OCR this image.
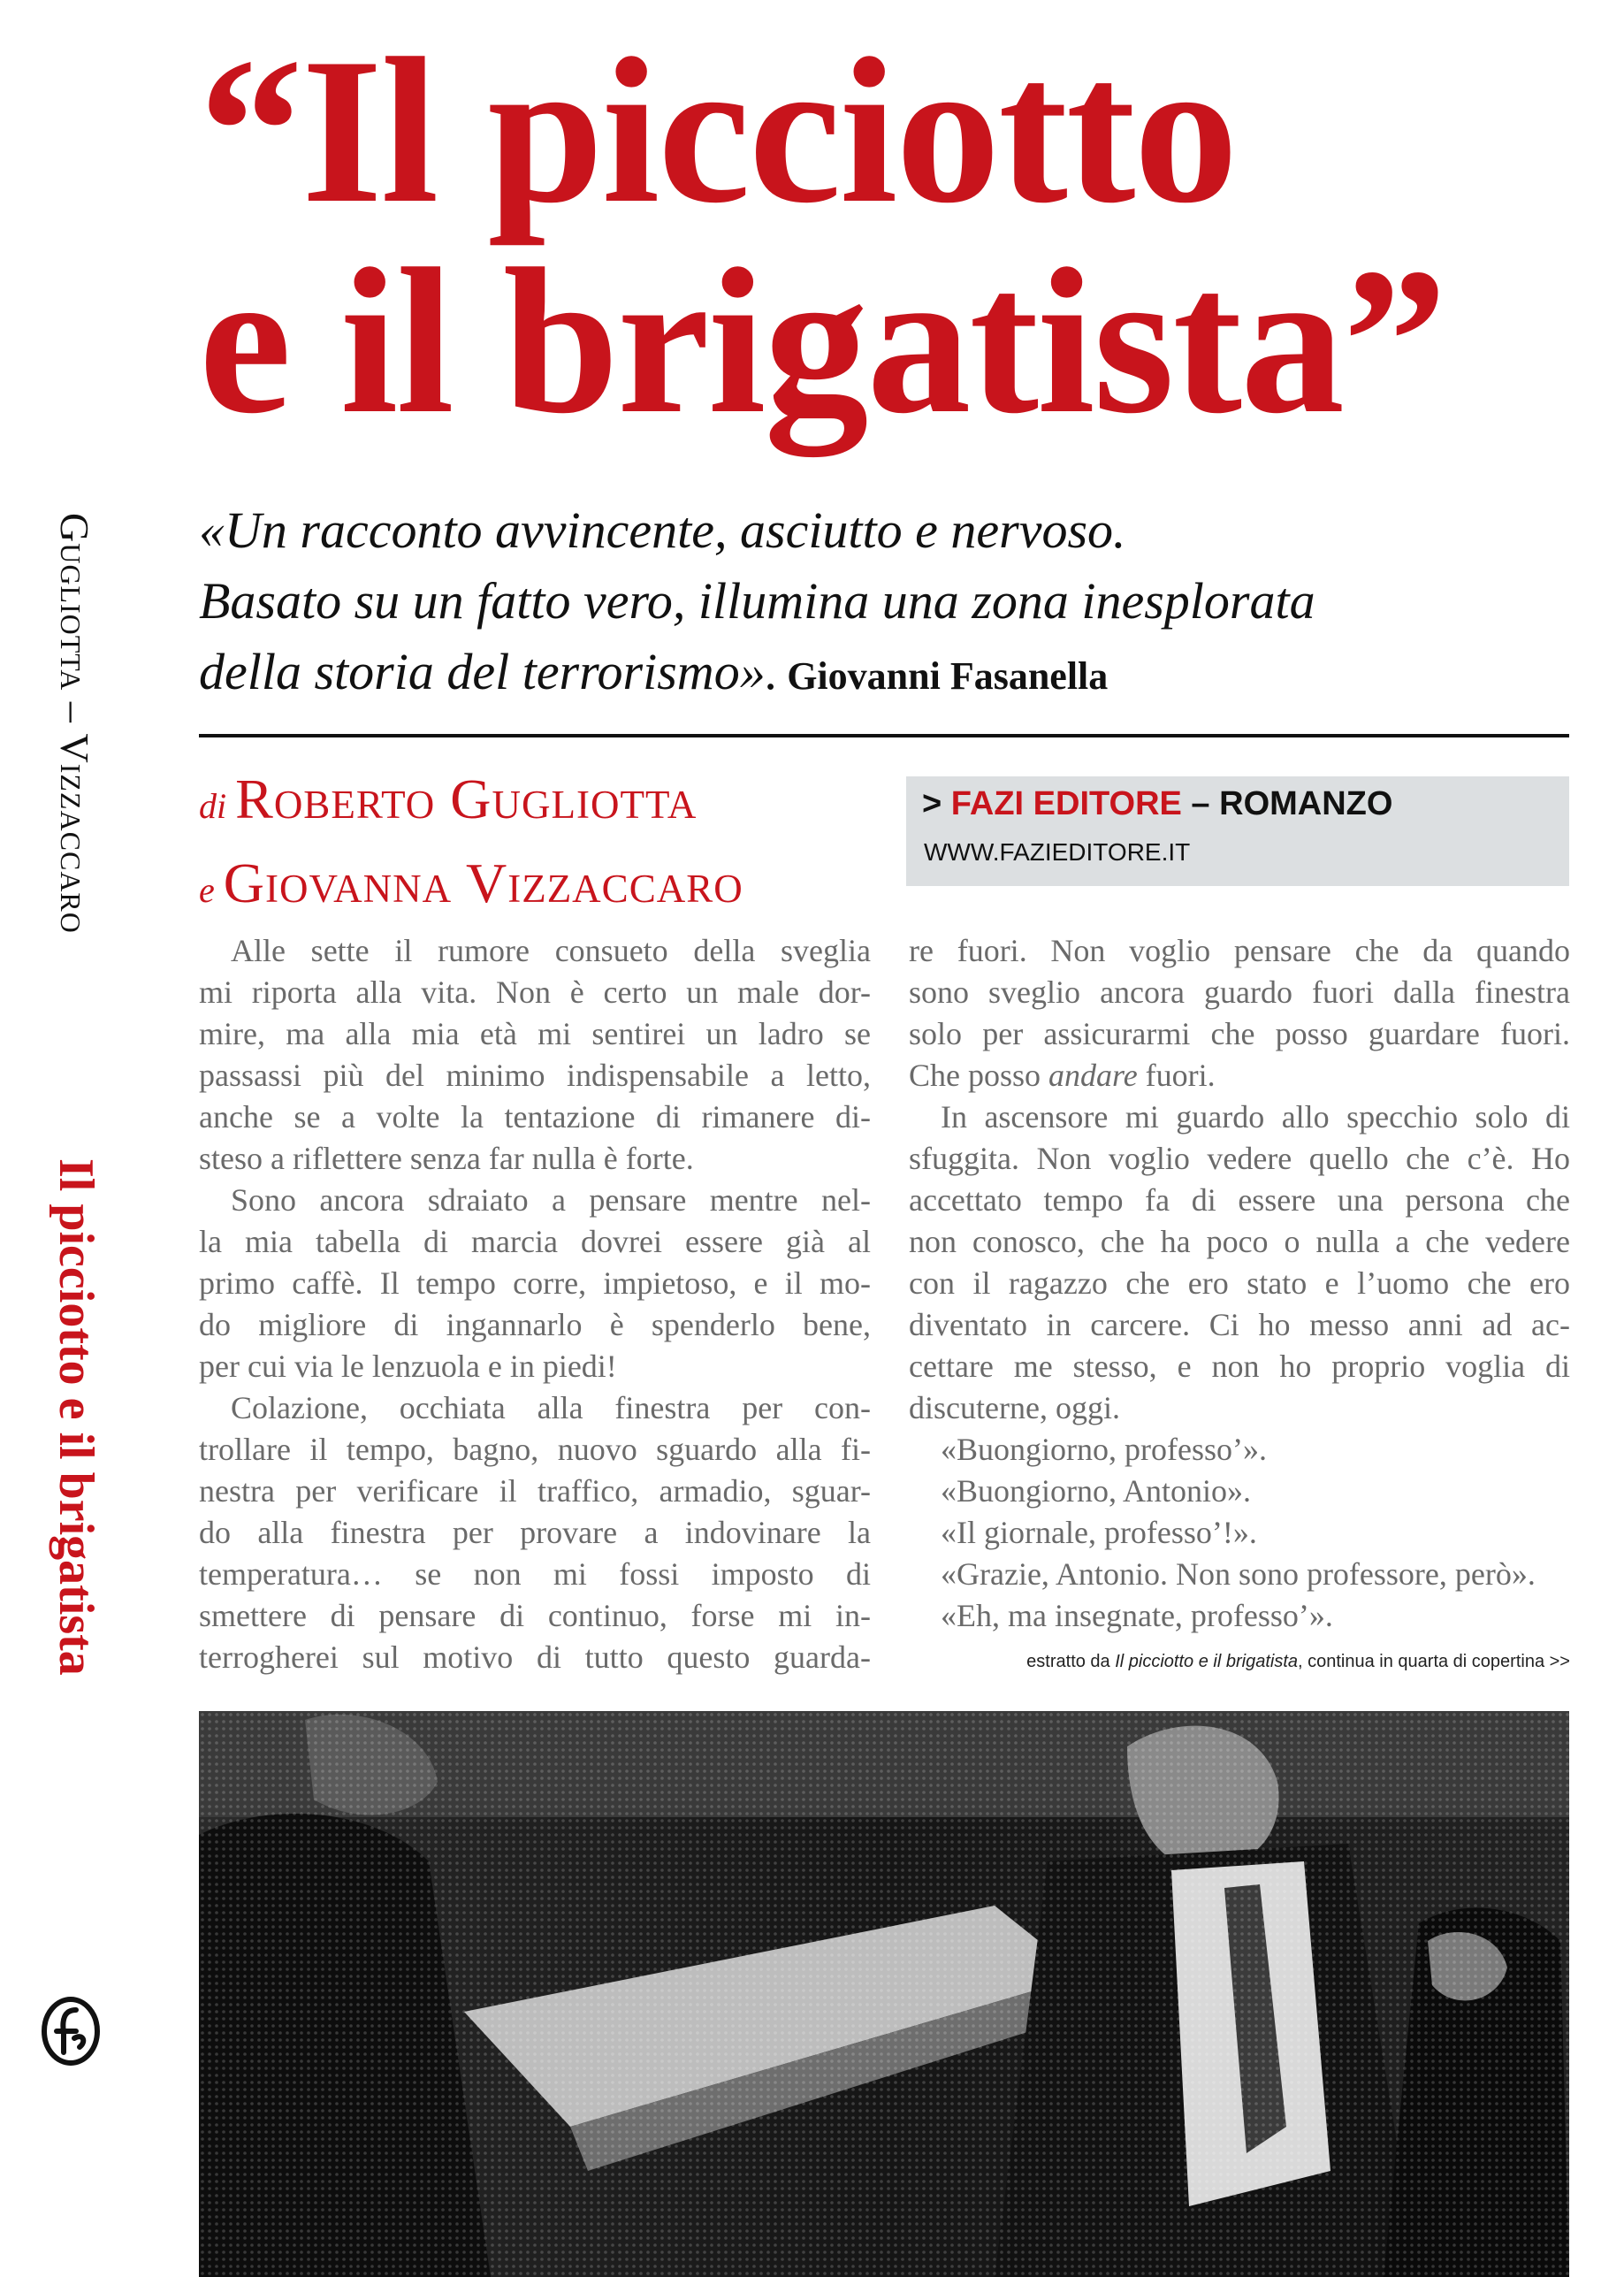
Gugliotta – Vizzaccaro
Il picciotto e il brigatista
“Il picciotto
e il brigatista”
«Un racconto avvincente, asciutto e nervoso.
Basato su un fatto vero, illumina una zona inesplorata
della storia del terrorismo». Giovanni Fasanella
di Roberto Gugliotta
e Giovanna Vizzaccaro
> FAZI EDITORE – ROMANZO
WWW.FAZIEDITORE.IT
Alle sette il rumore consueto della sveglia
mi riporta alla vita. Non è certo un male dor-
mire, ma alla mia età mi sentirei un ladro se
passassi più del minimo indispensabile a letto,
anche se a volte la tentazione di rimanere di-
steso a riflettere senza far nulla è forte.
Sono ancora sdraiato a pensare mentre nel-
la mia tabella di marcia dovrei essere già al
primo caffè. Il tempo corre, impietoso, e il mo-
do migliore di ingannarlo è spenderlo bene,
per cui via le lenzuola e in piedi!
Colazione, occhiata alla finestra per con-
trollare il tempo, bagno, nuovo sguardo alla fi-
nestra per verificare il traffico, armadio, sguar-
do alla finestra per provare a indovinare la
temperatura… se non mi fossi imposto di
smettere di pensare di continuo, forse mi in-
terrogherei sul motivo di tutto questo guarda-
re fuori. Non voglio pensare che da quando
sono sveglio ancora guardo fuori dalla finestra
solo per assicurarmi che posso guardare fuori.
Che posso andare fuori.
In ascensore mi guardo allo specchio solo di
sfuggita. Non voglio vedere quello che c’è. Ho
accettato tempo fa di essere una persona che
non conosco, che ha poco o nulla a che vedere
con il ragazzo che ero stato e l’uomo che ero
diventato in carcere. Ci ho messo anni ad ac-
cettare me stesso, e non ho proprio voglia di
discuterne, oggi.
«Buongiorno, professo’».
«Buongiorno, Antonio».
«Il giornale, professo’!».
«Grazie, Antonio. Non sono professore, però».
«Eh, ma insegnate, professo’».
estratto da Il picciotto e il brigatista, continua in quarta di copertina >>
